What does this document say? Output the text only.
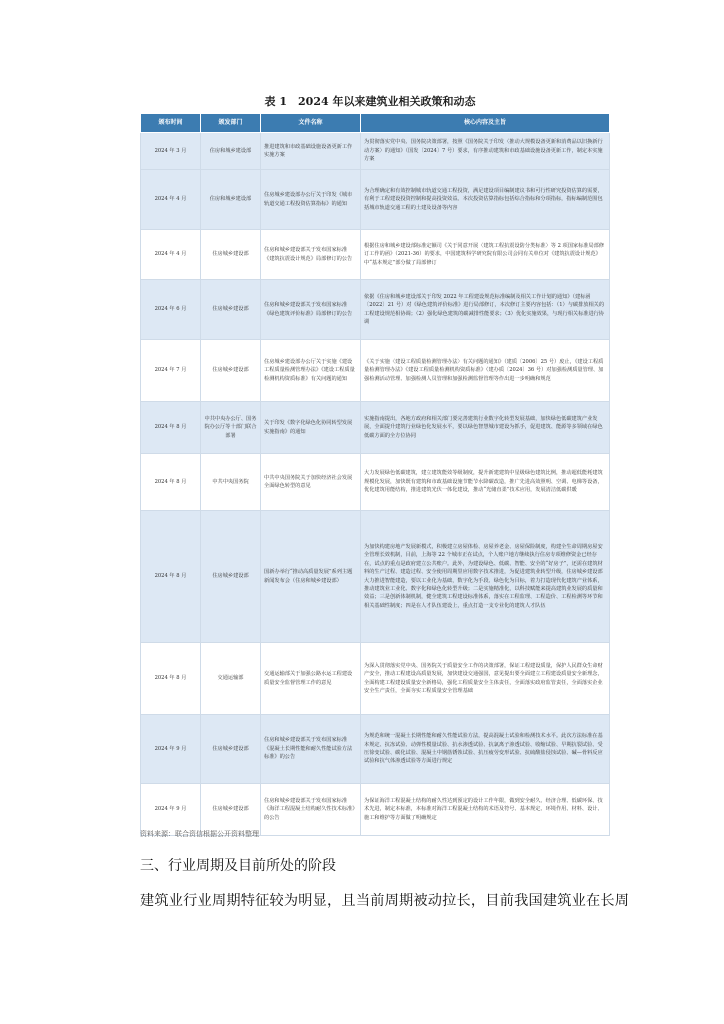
表 1　2024 年以来建筑业相关政策和动态
颁布时间	颁发部门	文件名称	核心内容及主旨
2024 年 3 月	住房和城乡建设部	推进建筑和市政基础设施设备更新工作实施方案	为贯彻落实党中央、国务院决策部署，按照《国务院关于印发〈推动大规模设备更新和消费品以旧换新行动方案〉的通知》（国发〔2024〕7 号）要求，有序推动建筑和市政基础设施设备更新工作，制定本实施方案
2024 年 4 月	住房和城乡建设部	住房城乡建设部办公厅关于印发《城市轨道交通工程投资估算指标》的通知	为合理确定和有效控制城市轨道交通工程投资，满足建设项目编制建议书和可行性研究投资估算的需要，有利于工程建设投资控制和提高投资效益。本次投资估算指标包括综合指标和分项指标，指标编制范围包括城市轨道交通工程的土建及设备等内容
2024 年 4 月	住房城乡建设部	住房和城乡建设部关于发布国家标准《建筑抗震设计规范》局部修订的公告	根据住房和城乡建设部标准定额司《关于同意开展〈建筑工程抗震设防分类标准〉等 2 项国家标准局部修订工作的函》（2021-36）的要求，中国建筑科学研究院有限公司会同有关单位对《建筑抗震设计规范》中“基本规定”部分做了局部修订
2024 年 6 月	住房城乡建设部	住房和城乡建设部关于发布国家标准《绿色建筑评价标准》局部修订的公告	依据《住房和城乡建设部关于印发 2022 年工程建设规范标准编制及相关工作计划的通知》（建标函〔2022〕21 号）对《绿色建筑评价标准》进行局部修订，本次修订主要内容包括：（1）与碳排放相关的工程建设规范相协调；（2）强化绿色建筑的碳减排性能要求；（3）优化实施效果，与现行相关标准进行协调
2024 年 7 月	住房城乡建设部	住房城乡建设部办公厅关于实施《建设工程质量检测管理办法》《建设工程质量检测机构资质标准》有关问题的通知	《关于实施〈建设工程质量检测管理办法〉有关问题的通知》（建质〔2006〕25 号）废止，《建设工程质量检测管理办法》《建设工程质量检测机构资质标准》（建办质〔2024〕36 号）对加强检测质量管理、加强检测活动管理、加强检测人员管理和加强检测监督管理等作出进一步明确和规范
2024 年 8 月	中共中央办公厅、国务院办公厅等十部门联合部署	关于印发《数字化绿色化协同转型发展实施指南》的通知	实施指南提出，各地方政府和相关部门要完善建筑行业数字化转型发展基础，加快绿色低碳建筑产业发展，全面提升建筑行业绿色化发展水平，要以绿色智慧城市建设为抓手，促进建筑、能源等多领域在绿色低碳方面的全方位协同
2024 年 8 月	中共中央国务院	中共中央国务院关于加快经济社会发展全面绿色转型的意见	大力发展绿色低碳建筑，建立建筑能效等级制度，提升新建建筑中星级绿色建筑比例，推动超低能耗建筑规模化发展，加快既有建筑和市政基础设施节能节水降碳改造，推广先进高效照明、空调、电梯等设备，优化建筑用能结构，推进建筑光伏一体化建设，推动“光储直柔”技术应用，发展清洁低碳供暖
2024 年 8 月	住房城乡建设部	国新办举行“推动高质量发展”系列主题新闻发布会（住房和城乡建设部）	为加快构建房地产发展新模式，积极建立房屋体检、房屋养老金、房屋保险制度，构建全生命周期房屋安全管理长效机制，目前，上海等 22 个城市正在试点，个人账户地方继续执行住房专项维修资金已经存在，试点的重点是政府建立公共账户。此外，为建设绿色、低碳、智能、安全的“好房子”，还需在建筑材料的生产过程、建造过程、安全使用周期里应用数字技术推进，为促进建筑业转型升级，住房城乡建设部大力推进智能建造，要以工业化为基础，数字化为手段、绿色化为目标，着力打造现代化建筑产业体系，推动建筑业工业化、数字化和绿色化转型升级；二是实施精准化，以科技赋能来提高建筑业发展的质量和效益；三是创新体制机制，健全建筑工程建设标准体系，落实在工程监理、工程造价、工程检测等环节和相关基础性制度；四是在人才队伍建设上，重点打造一支专业化的建筑人才队伍
2024 年 8 月	交通运输部	交通运输部关于加强公路水运工程建设质量安全监督管理工作的意见	为深入贯彻落实党中央、国务院关于质量安全工作的决策部署，保证工程建设质量，保护人民群众生命财产安全，推动工程建设高质量发展，加快建设交通强国，意见提出要全面建立工程建设质量安全新理念，全面构建工程建设质量安全新格局，强化工程质量安全主体责任，全面落实政府监管责任，全面落实企业安全生产责任，全面夯实工程质量安全管理基础
2024 年 9 月	住房城乡建设部	住房和城乡建设部关于发布国家标准《混凝土长期性能和耐久性能试验方法标准》的公告	为规范和统一混凝土长期性能和耐久性能试验方法，提高混凝土试验和检测技术水平。此次方法标准在基本规定、抗冻试验、动弹性模量试验、抗水渗透试验、抗氯离子渗透试验、收缩试验、早期抗裂试验、受压徐变试验、碳化试验、混凝土中钢筋锈蚀试验、抗压疲劳变形试验、抗硫酸盐侵蚀试验、碱—骨料反应试验和抗气体渗透试验等方面进行规定
2024 年 9 月	住房城乡建设部	住房和城乡建设部关于发布国家标准《海洋工程混凝土结构耐久性技术标准》的公告	为保证海洋工程混凝土结构的耐久性达到预定的设计工作年限，做到安全耐久、经济合理、低碳环保、技术先进，制定本标准，本标准对海洋工程混凝土结构的术语及符号、基本规定、环境作用、材料、设计、施工和维护等方面做了明确规定
资料来源：联合资信根据公开资料整理
三、行业周期及目前所处的阶段
建筑业行业周期特征较为明显，且当前周期被动拉长，目前我国建筑业在长周
